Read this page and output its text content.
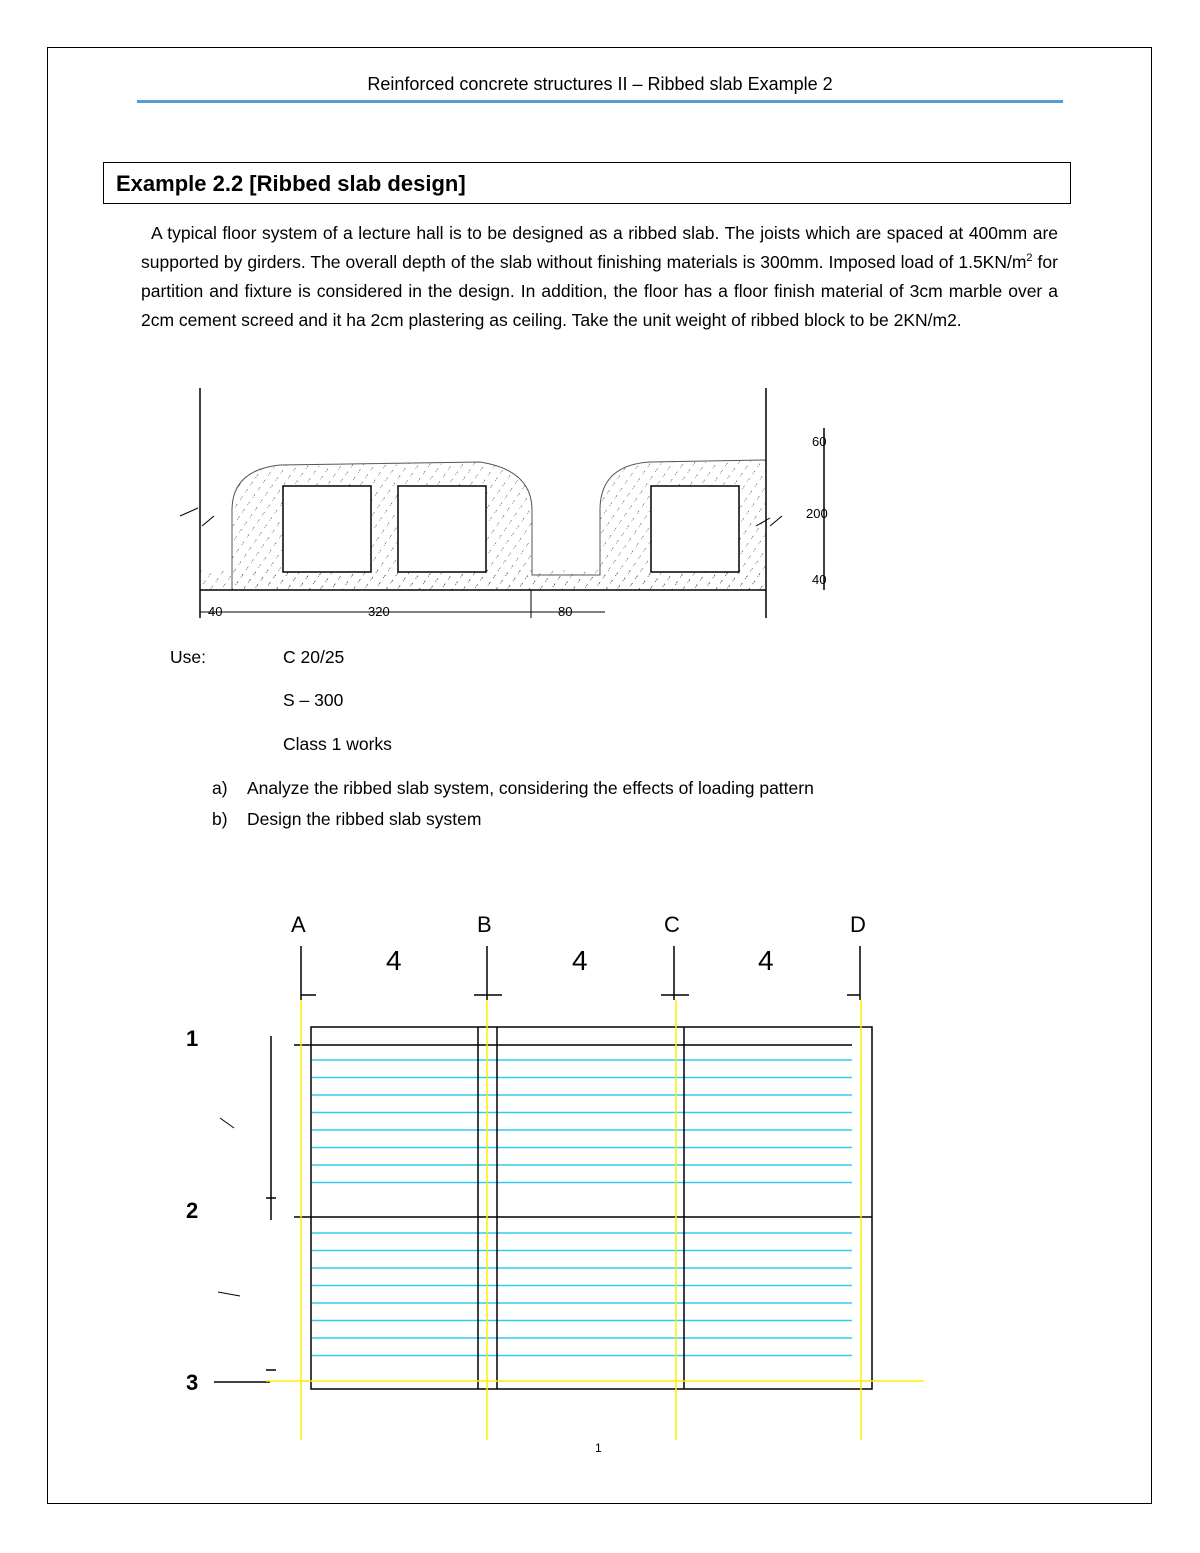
Reinforced concrete structures II – Ribbed slab Example 2
Example 2.2 [Ribbed slab design]

A typical floor system of a lecture hall is to be designed as a ribbed slab. The joists which are spaced at 400mm are supported by girders. The overall depth of the slab without finishing materials is 300mm. Imposed load of $1.5KN/m^2$ for partition and fixture is considered in the design. In addition, the floor has a floor finish material of 3cm marble over a 2cm cement screed and it ha 2cm plastering as ceiling. Take the unit weight of ribbed block to be 2KN/m2.

40	320	80
60
200
40
Use:	C 20/25
S – 300
Class 1 works
a) Analyze the ribbed slab system, considering the effects of loading pattern
b) Design the ribbed slab system
A	B	C	D
4	4	4
1
2
3
1
